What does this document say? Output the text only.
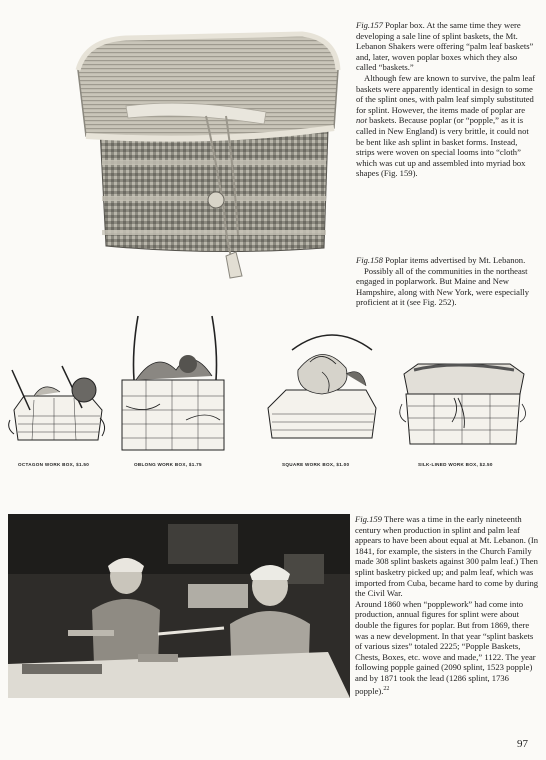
Fig.157 Poplar box. At the same time they were developing a sale line of splint baskets, the Mt. Lebanon Shakers were offering “palm leaf baskets” and, later, woven poplar boxes which they also called “baskets.”

Although few are known to survive, the palm leaf baskets were apparently identical in design to some of the splint ones, with palm leaf simply substituted for splint. However, the items made of poplar are not baskets. Because poplar (or “popple,” as it is called in New England) is very brittle, it could not be bent like ash splint in basket forms. Instead, strips were woven on special looms into “cloth” which was cut up and assembled into myriad box shapes (Fig. 159).

Fig.158 Poplar items advertised by Mt. Lebanon.

Possibly all of the communities in the northeast engaged in poplarwork. But Maine and New Hampshire, along with New York, were especially proficient at it (see Fig. 252).

OCTAGON WORK BOX, $1.50	OBLONG WORK BOX, $1.75	SQUARE WORK BOX, $1.00	SILK-LINED WORK BOX, $2.50

Fig.159 There was a time in the early nineteenth century when production in splint and palm leaf appears to have been about equal at Mt. Lebanon. (In 1841, for example, the sisters in the Church Family made 308 splint baskets against 300 palm leaf.) Then splint basketry picked up; and palm leaf, which was imported from Cuba, became hard to come by during the Civil War.

Around 1860 when “popplework” had come into production, annual figures for splint were about double the figures for poplar. But from 1869, there was a new development. In that year “splint baskets of various sizes” totaled 2225; “Popple Baskets, Chests, Boxes, etc. wove and made,” 1122. The year following popple gained (2090 splint, 1523 popple) and by 1871 took the lead (1286 splint, 1736 popple).$^{22}$

97
